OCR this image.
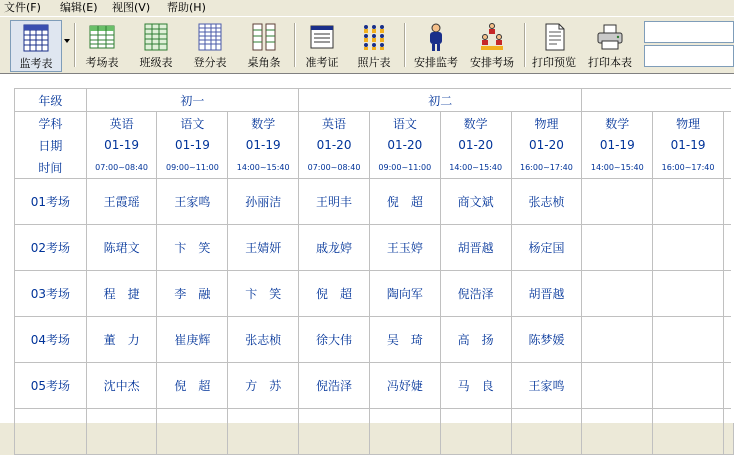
文件(F) 编辑(E) 视图(V) 帮助(H)
监考表	考场表	班级表	登分表	桌角条	准考证	照片表	安排监考	安排考场	打印预览	打印本表
年级	初一			初二						
学科	英语	语文	数学	英语	语文	数学	物理	数学	物理	
日期	01-19	01-19	01-19	01-20	01-20	01-20	01-20	01-19	01-19	
时间	07:00~08:40	09:00~11:00	14:00~15:40	07:00~08:40	09:00~11:00	14:00~15:40	16:00~17:40	14:00~15:40	16:00~17:40	
01考场	王霞瑶	王家鸣	孙丽洁	王明丰	倪　超	商文斌	张志桢			
02考场	陈珺文	卞　笑	王婧妍	戚龙婷	王玉婷	胡晋越	杨定国			
03考场	程　捷	李　融	卞　笑	倪　超	陶向军	倪浩泽	胡晋越			
04考场	董　力	崔庚辉	张志桢	徐大伟	吴　琦	高　扬	陈梦媛			
05考场	沈中杰	倪　超	方　苏	倪浩泽	冯妤婕	马　良	王家鸣			
